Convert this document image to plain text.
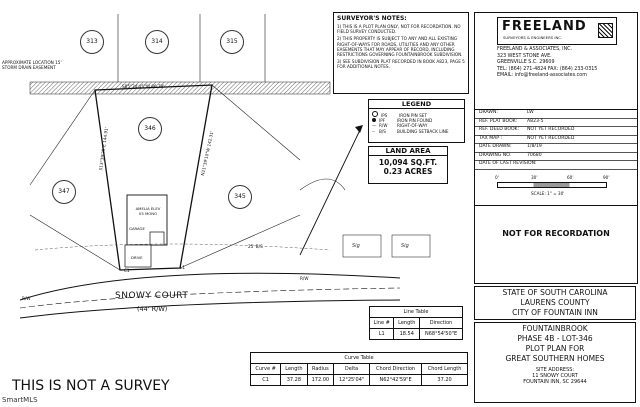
Sig	Sig
313	314	315
346
347
345
APPROXIMATE LOCATION 15' STORM DRAIN EASEMENT
S85°24'45"W 86.79'
S13°39'29"E 144.91'	N21°39'10"W 142.31'
AMELIA ELEV 05 MONO
GARAGE
DRIVE
25' B/S
C1
L1
R/W
R/W
SNOWY COURT
(44' R/W)
THIS IS NOT A SURVEY
SmartMLS
SURVEYOR'S NOTES:

1) THIS IS A PLOT PLAN ONLY, NOT FOR RECORDATION. NO FIELD SURVEY CONDUCTED.

2) THIS PROPERTY IS SUBJECT TO ANY AND ALL EXISTING RIGHT-OF-WAYS FOR ROADS, UTILITIES AND ANY OTHER EASEMENTS THAT MAY APPEAR OF RECORD, INCLUDING RESTRICTIONS GOVERNING FOUNTAINBROOK SUBDIVISION.

3) SEE SUBDIVISION PLAT RECORDED IN BOOK A823, PAGE 5 FOR ADDITIONAL NOTES.

LEGEND
IPS	IRON PIN SET
IPF	IRON PIN FOUND
— R/W RIGHT-OF-WAY
-- B/S	BUILDING SETBACK LINE
LAND AREA
10,094 SQ.FT.
0.23 ACRES
FREELAND
SURVEYORS & ENGINEERS INC.
FREELAND & ASSOCIATES, INC.
323 WEST STONE AVE.
GREENVILLE S.C. 29609
TEL: (864) 271-4824 FAX: (864) 233-0315
EMAIL: info@freeland-associates.com
DRAWN:	LW
REF. PLAT BOOK: A823-5
REF. DEED BOOK: NOT YET RECORDED
TAX MAP :	NOT YET RECORDED
DATE DRAWN:	1/8/19
DRAWING NO.	70680
DATE OF LAST REVISION:
0'	30'	60'	90'
SCALE: 1" = 30'
NOT FOR RECORDATION
STATE OF SOUTH CAROLINA
LAURENS COUNTY
CITY OF FOUNTAIN INN
FOUNTAINBROOK
PHASE 4B - LOT-346
PLOT PLAN FOR
GREAT SOUTHERN HOMES
SITE ADDRESS:
11 SNOWY COURT
FOUNTAIN INN, SC 29644
Line Table		
Line #	Length	Direction
L1	18.54	N68°54'50"E
Curve Table					
Curve #	Length	Radius	Delta	Chord Direction	Chord Length
C1	37.28	172.00	12°25'04"	N62°42'59"E	37.20
